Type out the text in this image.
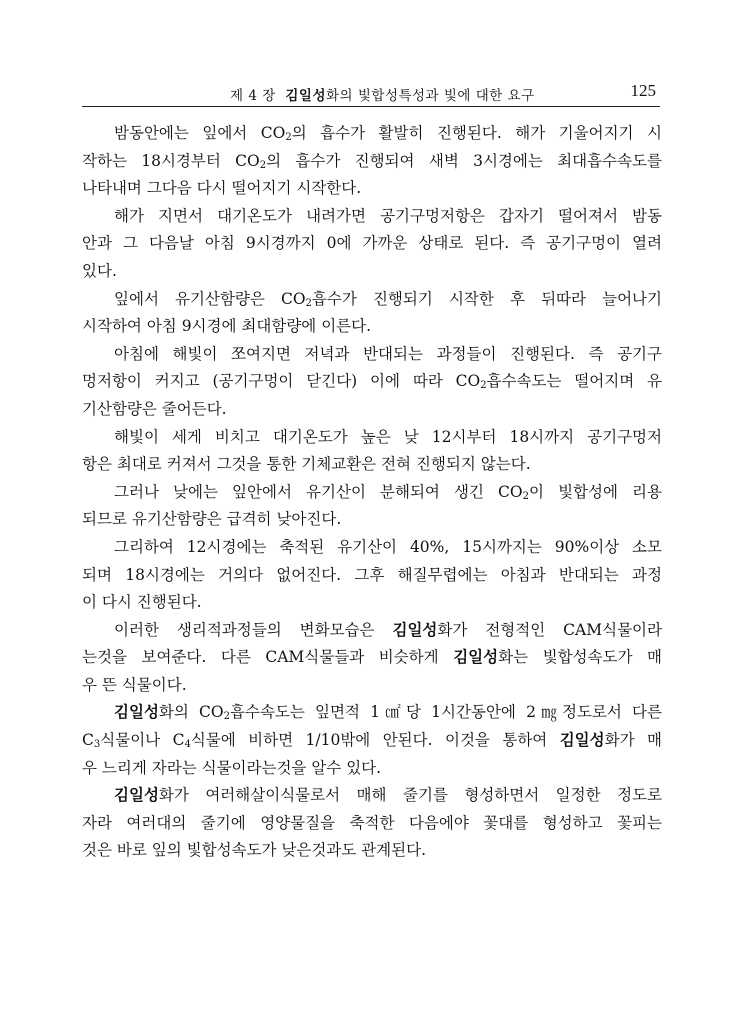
제 4 장 김일성화의 빛합성특성과 빛에 대한 요구	125
밤동안에는 잎에서 $CO_2$의 흡수가 활발히 진행된다. 해가 기울어지기 시
작하는 18시경부터 $CO_2$의 흡수가 진행되여 새벽 3시경에는 최대흡수속도를
나타내며 그다음 다시 떨어지기 시작한다.
해가 지면서 대기온도가 내려가면 공기구멍저항은 갑자기 떨어져서 밤동
안과 그 다음날 아침 9시경까지 0에 가까운 상태로 된다. 즉 공기구멍이 열려
있다.
잎에서 유기산함량은 $CO_2$흡수가 진행되기 시작한 후 뒤따라 늘어나기
시작하여 아침 9시경에 최대함량에 이른다.
아침에 해빛이 쪼여지면 저녁과 반대되는 과정들이 진행된다. 즉 공기구
멍저항이 커지고 (공기구멍이 닫긴다) 이에 따라 $CO_2$흡수속도는 떨어지며 유
기산함량은 줄어든다.
해빛이 세게 비치고 대기온도가 높은 낮 12시부터 18시까지 공기구멍저
항은 최대로 커져서 그것을 통한 기체교환은 전혀 진행되지 않는다.
그러나 낮에는 잎안에서 유기산이 분해되여 생긴 $CO_2$이 빛합성에 리용
되므로 유기산함량은 급격히 낮아진다.
그리하여 12시경에는 축적된 유기산이 40%, 15시까지는 90%이상 소모
되며 18시경에는 거의다 없어진다. 그후 해질무렵에는 아침과 반대되는 과정
이 다시 진행된다.
이러한 생리적과정들의 변화모습은 김일성화가 전형적인 CAM식물이라
는것을 보여준다. 다른 CAM식물들과 비슷하게 김일성화는 빛합성속도가 매
우 뜬 식물이다.
김일성화의 $CO_2$흡수속도는 잎면적 1㎠당 1시간동안에 2㎎정도로서 다른
$C_3$식물이나 $C_4$식물에 비하면 1/10밖에 안된다. 이것을 통하여 김일성화가 매
우 느리게 자라는 식물이라는것을 알수 있다.
김일성화가 여러해살이식물로서 매해 줄기를 형성하면서 일정한 정도로
자라 여러대의 줄기에 영양물질을 축적한 다음에야 꽃대를 형성하고 꽃피는
것은 바로 잎의 빛합성속도가 낮은것과도 관계된다.
